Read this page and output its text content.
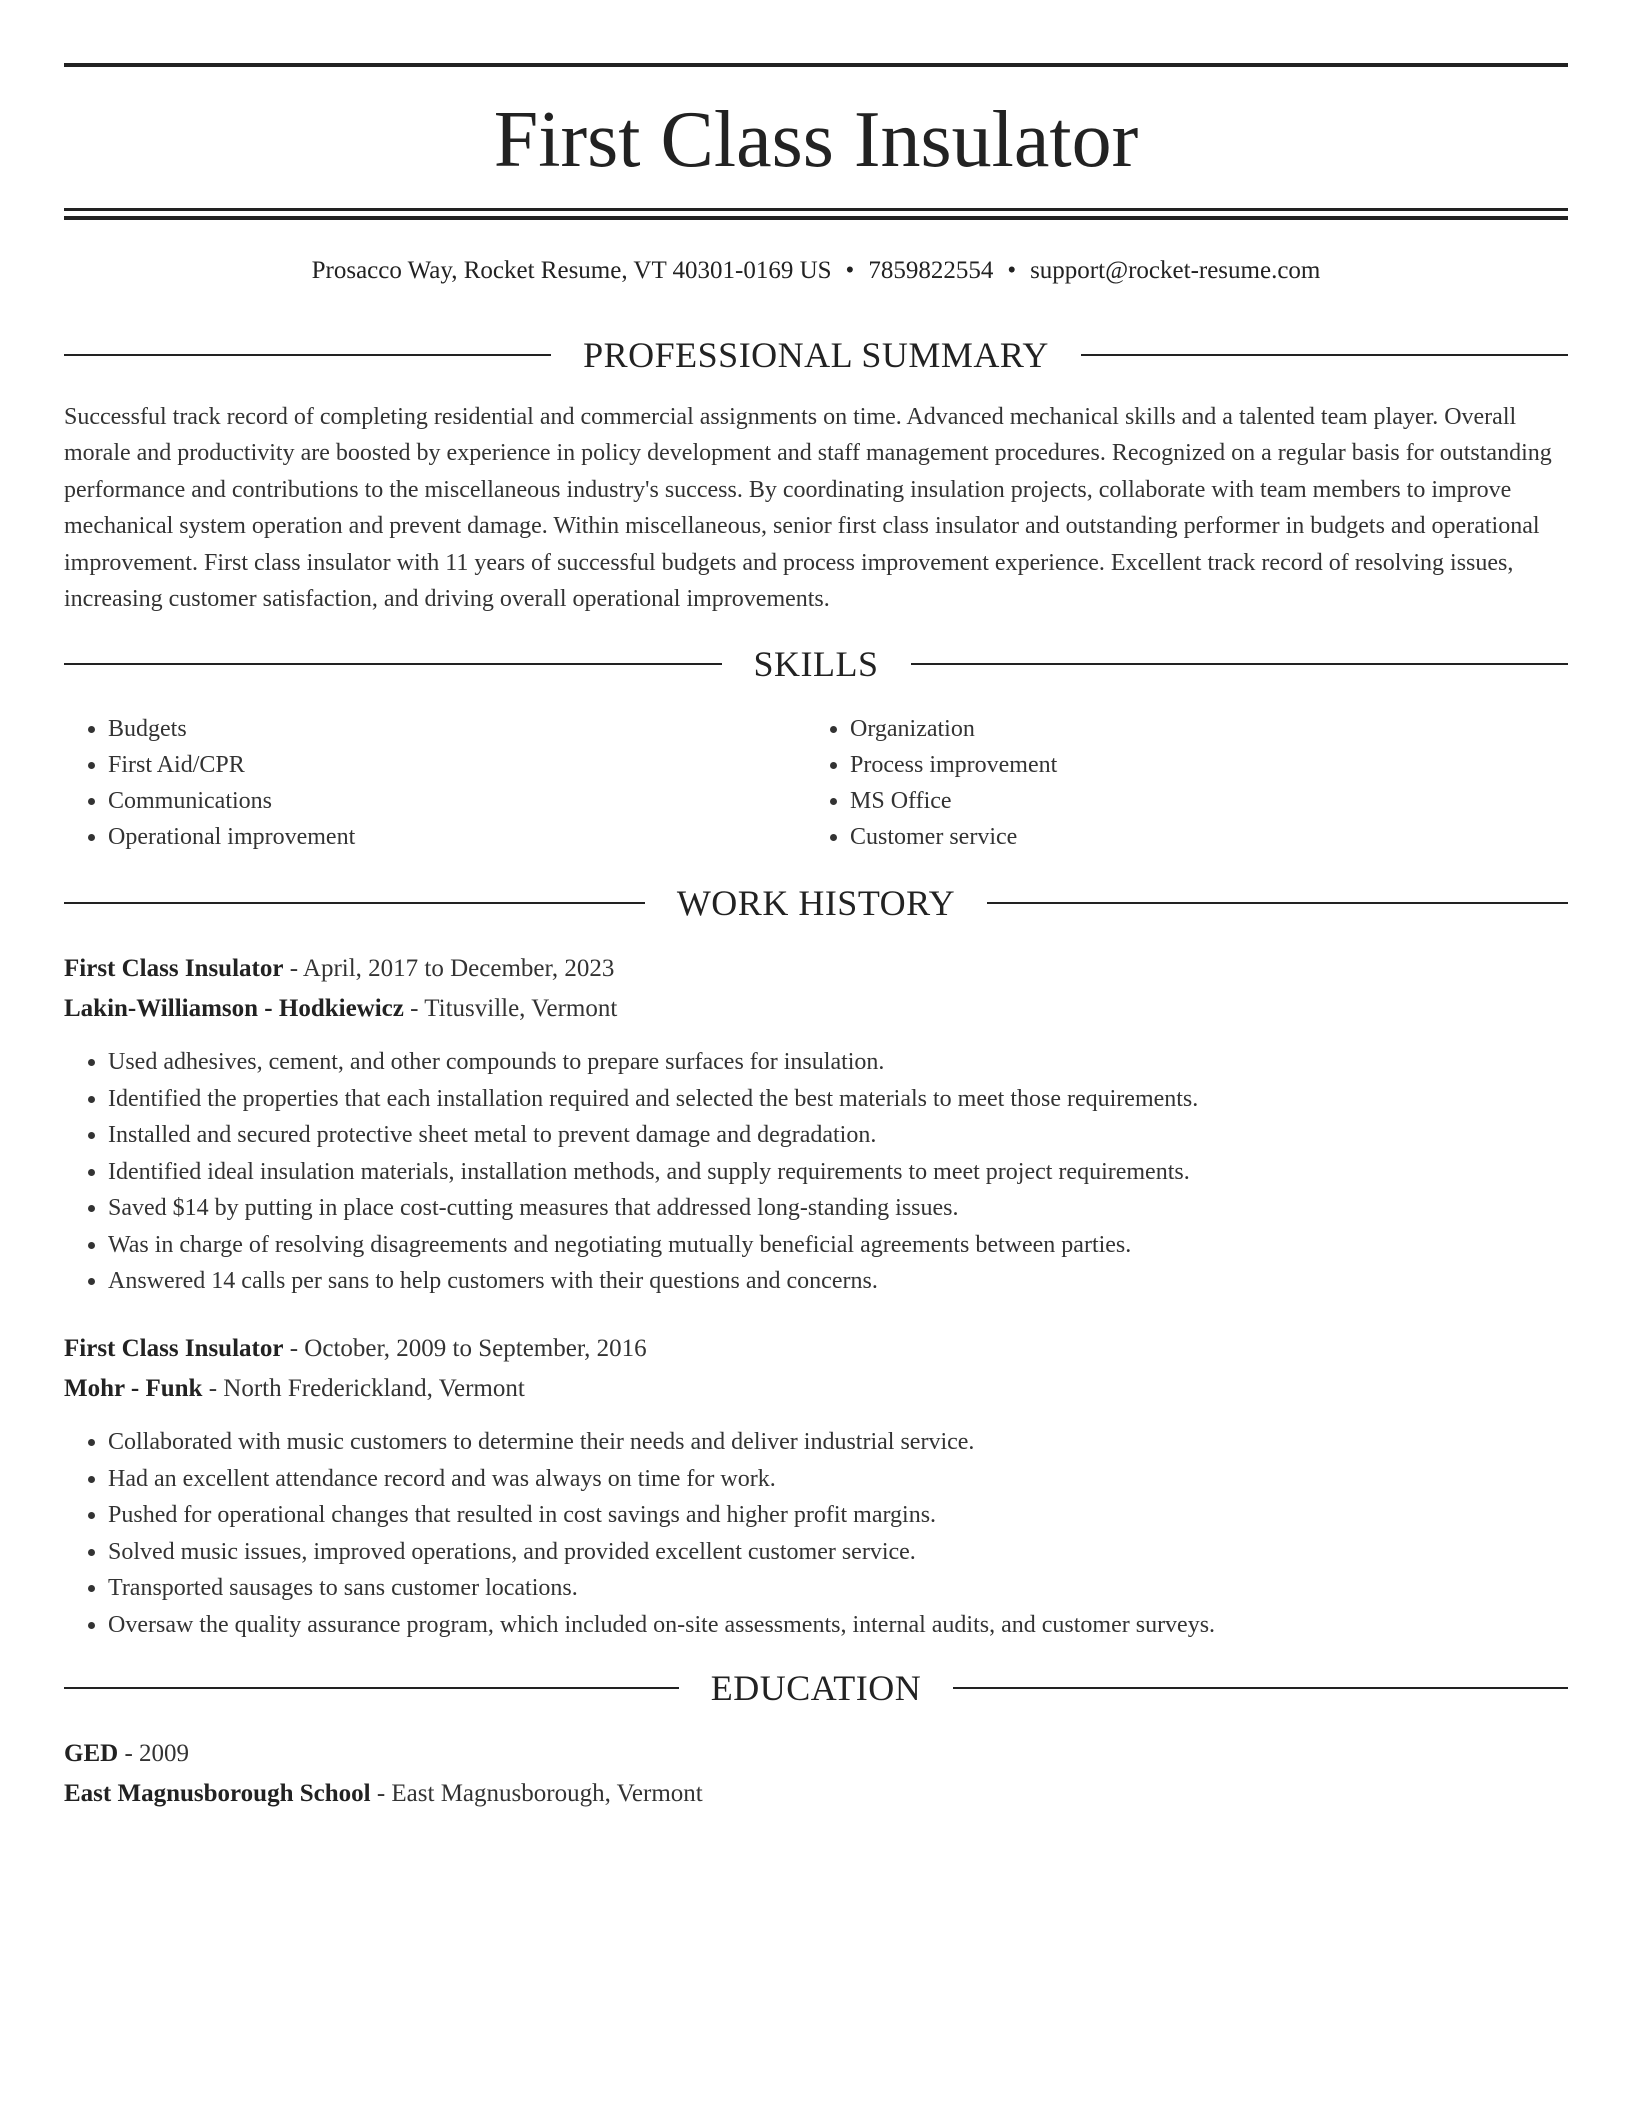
First Class Insulator
Prosacco Way, Rocket Resume, VT 40301-0169 US • 7859822554 • support@rocket-resume.com
PROFESSIONAL SUMMARY
Successful track record of completing residential and commercial assignments on time. Advanced mechanical skills and a talented team player. Overall morale and productivity are boosted by experience in policy development and staff management procedures. Recognized on a regular basis for outstanding performance and contributions to the miscellaneous industry's success. By coordinating insulation projects, collaborate with team members to improve mechanical system operation and prevent damage. Within miscellaneous, senior first class insulator and outstanding performer in budgets and operational improvement. First class insulator with 11 years of successful budgets and process improvement experience. Excellent track record of resolving issues, increasing customer satisfaction, and driving overall operational improvements.
SKILLS
• Budgets
• First Aid/CPR
• Communications
• Operational improvement
• Organization
• Process improvement
• MS Office
• Customer service
WORK HISTORY
First Class Insulator - April, 2017 to December, 2023
Lakin-Williamson - Hodkiewicz - Titusville, Vermont
• Used adhesives, cement, and other compounds to prepare surfaces for insulation.
• Identified the properties that each installation required and selected the best materials to meet those requirements.
• Installed and secured protective sheet metal to prevent damage and degradation.
• Identified ideal insulation materials, installation methods, and supply requirements to meet project requirements.
• Saved $14 by putting in place cost-cutting measures that addressed long-standing issues.
• Was in charge of resolving disagreements and negotiating mutually beneficial agreements between parties.
• Answered 14 calls per sans to help customers with their questions and concerns.
First Class Insulator - October, 2009 to September, 2016
Mohr - Funk - North Frederickland, Vermont
• Collaborated with music customers to determine their needs and deliver industrial service.
• Had an excellent attendance record and was always on time for work.
• Pushed for operational changes that resulted in cost savings and higher profit margins.
• Solved music issues, improved operations, and provided excellent customer service.
• Transported sausages to sans customer locations.
• Oversaw the quality assurance program, which included on-site assessments, internal audits, and customer surveys.
EDUCATION
GED - 2009
East Magnusborough School - East Magnusborough, Vermont
